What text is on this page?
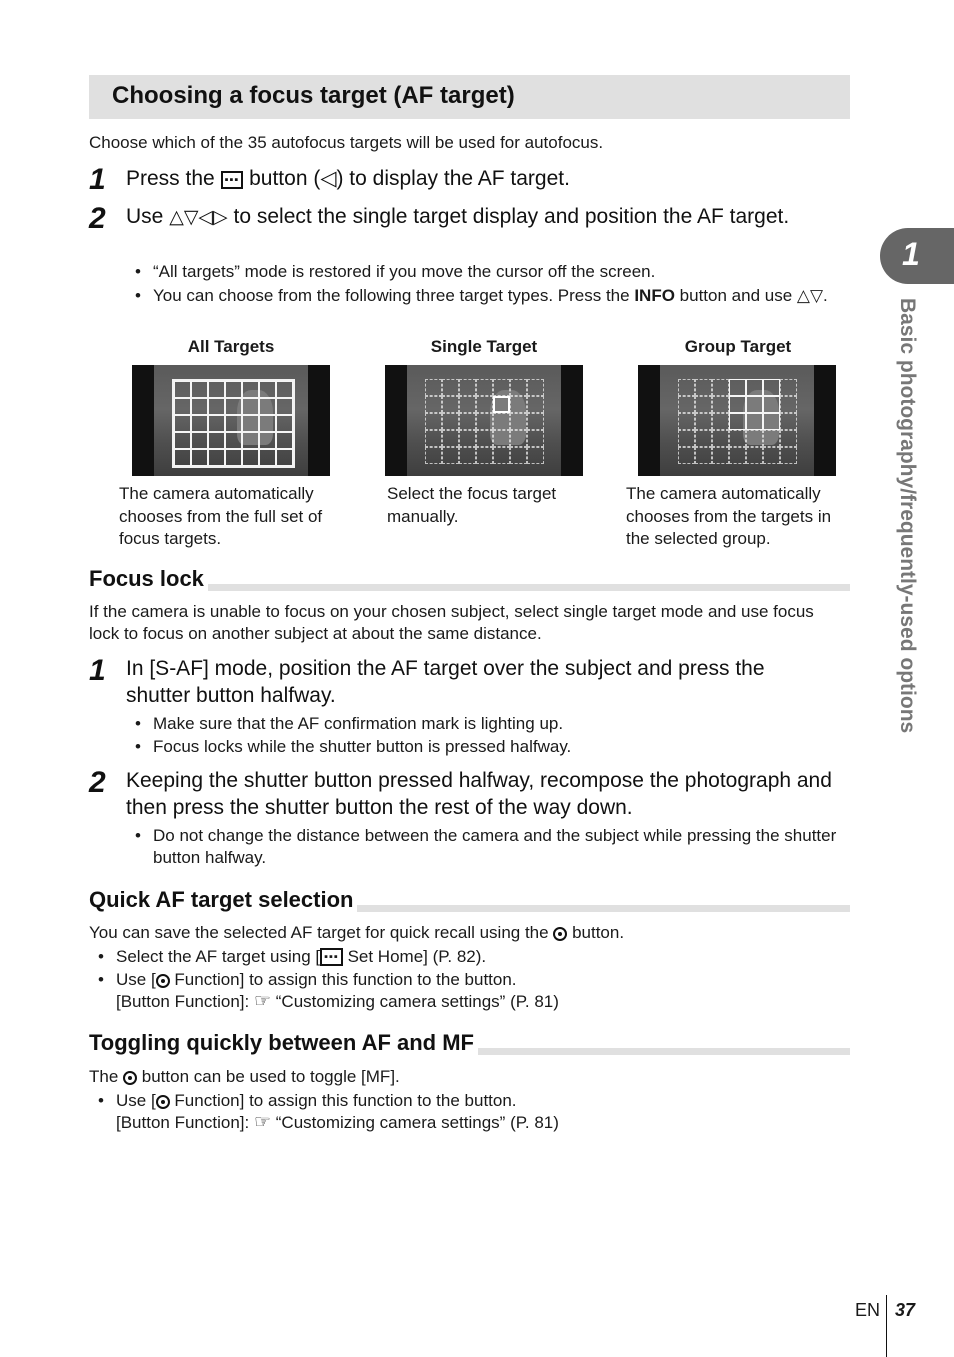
Choosing a focus target (AF target)
Choose which of the 35 autofocus targets will be used for autofocus.
1 Press the ▪▪▪ button (◁) to display the AF target.
2 Use △▽◁▷ to select the single target display and position the AF target.
• “All targets” mode is restored if you move the cursor off the screen.
• You can choose from the following three target types. Press the INFO button and use △▽.
All Targets	Single Target	Group Target
The camera automatically chooses from the full set of focus targets.
Select the focus target manually.
The camera automatically chooses from the targets in the selected group.
Focus lock
If the camera is unable to focus on your chosen subject, select single target mode and use focus lock to focus on another subject at about the same distance.
1 In [S-AF] mode, position the AF target over the subject and press the shutter button halfway.
• Make sure that the AF confirmation mark is lighting up.
• Focus locks while the shutter button is pressed halfway.
2 Keeping the shutter button pressed halfway, recompose the photograph and then press the shutter button the rest of the way down.
• Do not change the distance between the camera and the subject while pressing the shutter button halfway.
Quick AF target selection
You can save the selected AF target for quick recall using the button.
• Select the AF target using [ ▪▪▪ Set Home] (P. 82).
• Use [ Function] to assign this function to the button.
[Button Function]: ☞ “Customizing camera settings” (P. 81)
Toggling quickly between AF and MF
The button can be used to toggle [MF].
• Use [ Function] to assign this function to the button.
[Button Function]: ☞ “Customizing camera settings” (P. 81)
1
Basic photography/frequently-used options
EN 37
